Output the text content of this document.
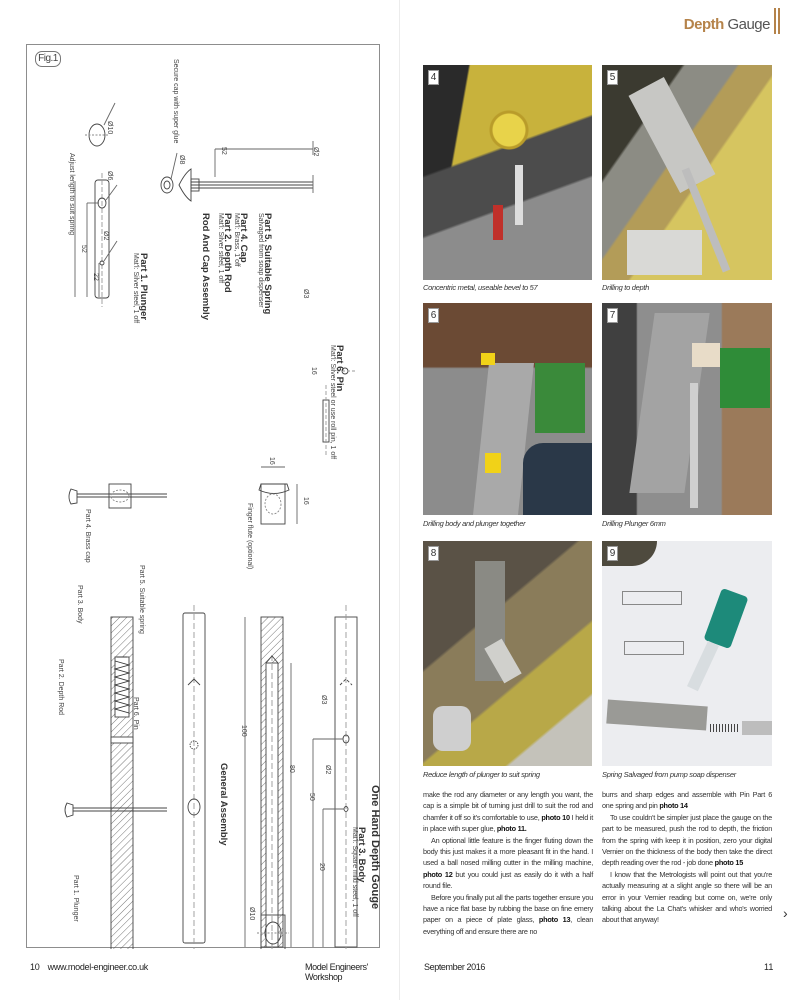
Fig.1
Ø10
Adjust length to suit spring	Ø6
52
Ø2
22	Part 1. Plunger
Mat'l: Silver steel, 1 off
Secure cap with super glue
Ø8
52	Ø2
Rod And Cap Assembly Part 2. Depth Rod
Mat'l: Silver steel, 1 off Part 4. Cap
Mat'l: Brass, 1 off Part 5. Suitable Spring
Salvaged from soap dispenser	Ø3
16 Part 6. Pin
Mat'l: Silver steel or use roll pin, 1 off
Part 4. Brass cap
Part 3. Body	Part 5. Suitable spring
Part 2. Depth Rod	Part 6. Pin
Part 1. Plunger
General Assembly
Finger flute (optional)
16
16
100
80
Ø3
50
Ø2
20
Ø10
Part 3. Body
Mat'l: Square mild steel, 1 off One Hand Depth Gouge
10 www.model-engineer.co.uk	Model Engineers' Workshop
Depth Gauge
4
Concentric metal, useable bevel to 57
5
Drilling to depth
6
Drilling body and plunger together
7
Drilling Plunger 6mm
8
Reduce length of plunger to suit spring
9
Spring Salvaged from pump soap dispenser

make the rod any diameter or any length you want, the cap is a simple bit of turning just drill to suit the rod and chamfer it off so it's comfortable to use, photo 10 I held it in place with super glue, photo 11.

An optional little feature is the finger fluting down the body this just makes it a more pleasant fit in the hand. I used a ball nosed milling cutter in the milling machine, photo 12 but you could just as easily do it with a half round file.

Before you finally put all the parts together ensure you have a nice flat base by rubbing the base on fine emery paper on a piece of plate glass, photo 13, clean everything off and ensure there are no

burrs and sharp edges and assemble with Pin Part 6 one spring and pin photo 14

To use couldn't be simpler just place the gauge on the part to be measured, push the rod to depth, the friction from the spring with keep it in position, zero your digital Vernier on the thickness of the body then take the direct depth reading over the rod - job done photo 15

I know that the Metrologists will point out that you're actually measuring at a slight angle so there will be an error in your Vernier reading but come on, we're only talking about the La Chat's whisker and who's worried about that anyway!	›
September 2016	11
